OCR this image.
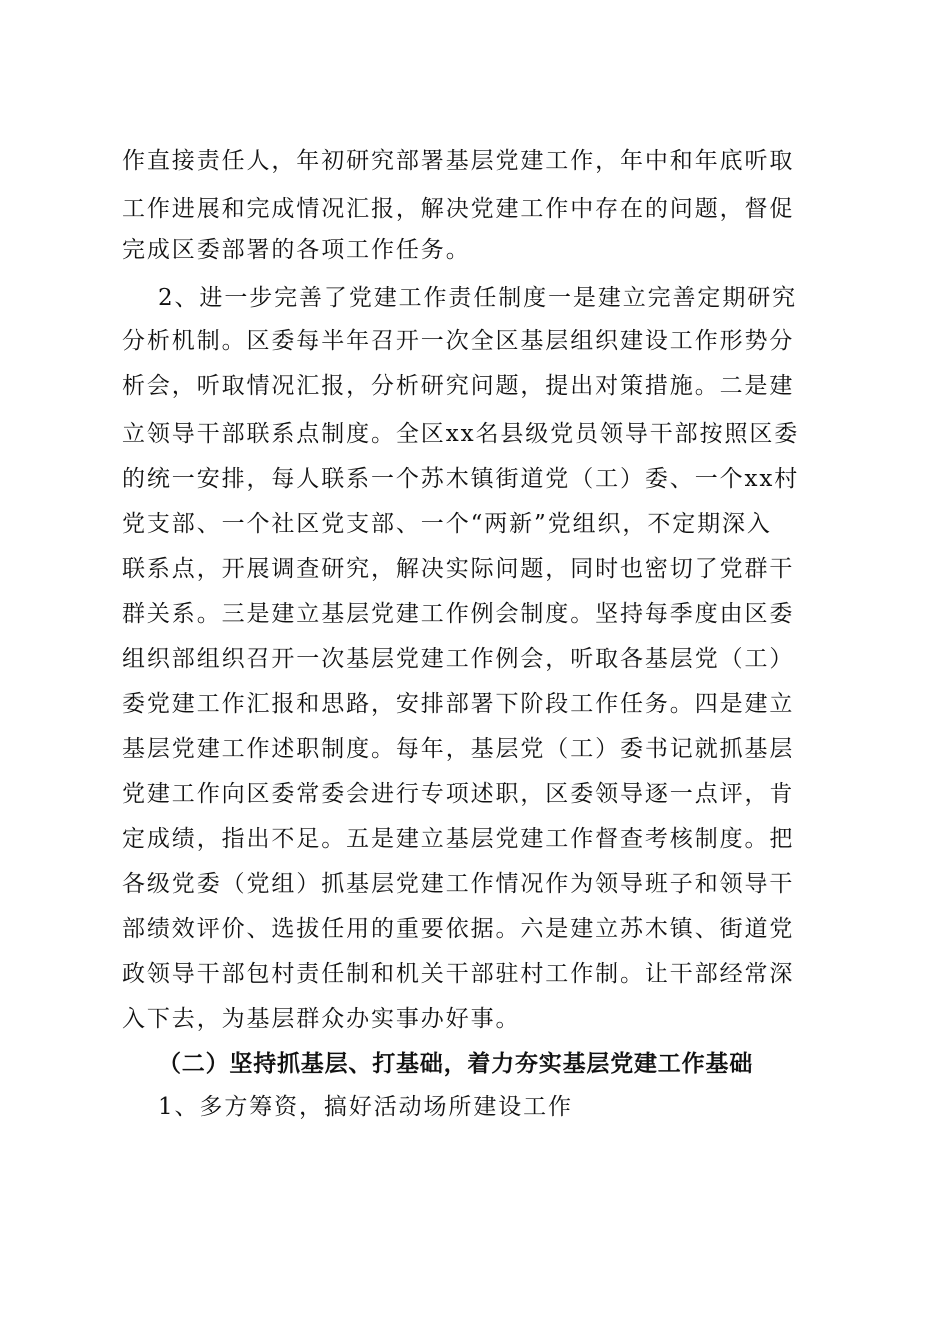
作直接责任人，年初研究部署基层党建工作，年中和年底听取
工作进展和完成情况汇报，解决党建工作中存在的问题，督促
完成区委部署的各项工作任务。
2、进一步完善了党建工作责任制度一是建立完善定期研究
分析机制。区委每半年召开一次全区基层组织建设工作形势分
析会，听取情况汇报，分析研究问题，提出对策措施。二是建
立领导干部联系点制度。全区xx名县级党员领导干部按照区委
的统一安排，每人联系一个苏木镇街道党（工）委、一个xx村
党支部、一个社区党支部、一个“两新”党组织，不定期深入
联系点，开展调查研究，解决实际问题，同时也密切了党群干
群关系。三是建立基层党建工作例会制度。坚持每季度由区委
组织部组织召开一次基层党建工作例会，听取各基层党（工）
委党建工作汇报和思路，安排部署下阶段工作任务。四是建立
基层党建工作述职制度。每年，基层党（工）委书记就抓基层
党建工作向区委常委会进行专项述职，区委领导逐一点评，肯
定成绩，指出不足。五是建立基层党建工作督查考核制度。把
各级党委（党组）抓基层党建工作情况作为领导班子和领导干
部绩效评价、选拔任用的重要依据。六是建立苏木镇、街道党
政领导干部包村责任制和机关干部驻村工作制。让干部经常深
入下去，为基层群众办实事办好事。
（二）坚持抓基层、打基础，着力夯实基层党建工作基础
1、多方筹资，搞好活动场所建设工作
